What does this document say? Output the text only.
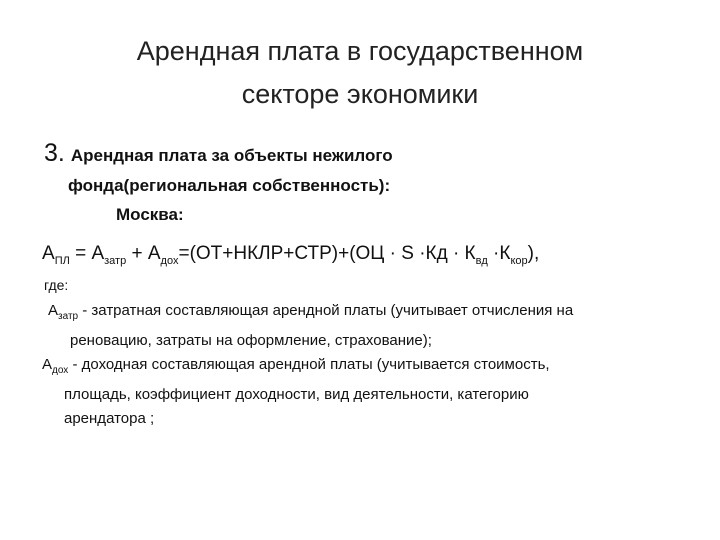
Арендная плата в государственном
секторе экономики
3. Арендная плата за объекты нежилого
фонда(региональная собственность):
Москва:
$А_{ПЛ} = А_{затр}$ + $А_{дох}=(ОТ+НКЛР+СТР)+(ОЦ \cdot S \cdot Кд \cdot К_{вд} \cdot К_{кор})$,
где:
$А_{затр}$ - затратная составляющая арендной платы (учитывает отчисления на
реновацию, затраты на оформление, страхование);
$А_{дох}$ - доходная составляющая арендной платы (учитывается стоимость,
площадь, коэффициент доходности, вид деятельности, категорию
арендатора ;
